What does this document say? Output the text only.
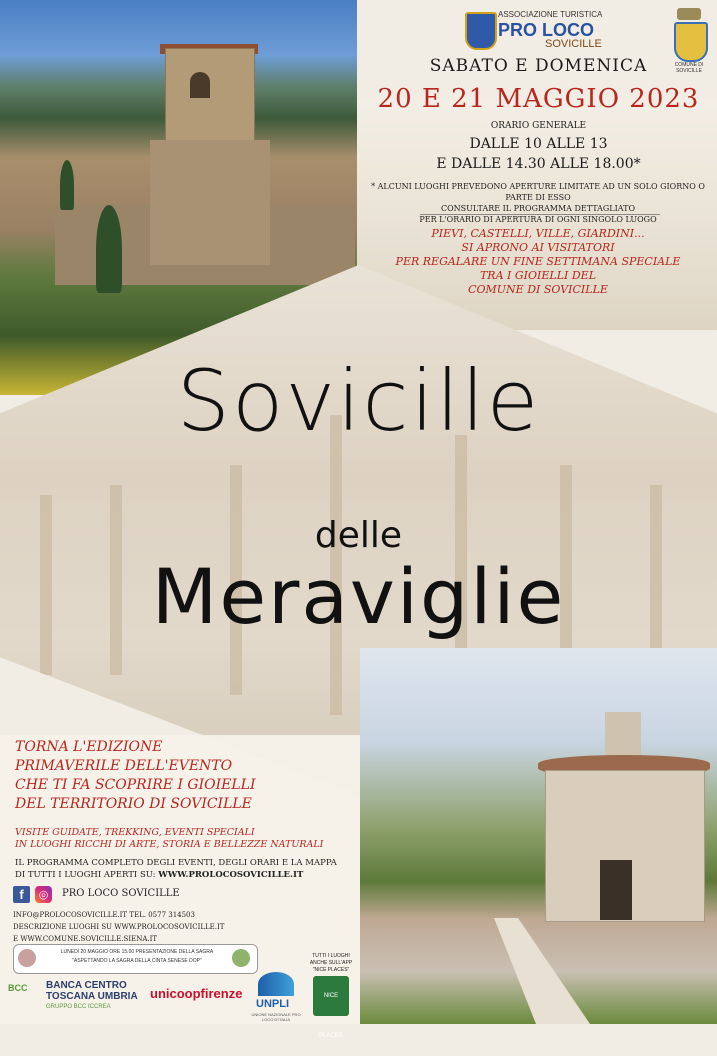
ASSOCIAZIONE TURISTICA
PRO LOCO
SOVICILLE
COMUNE DI SOVICILLE
SABATO E DOMENICA
20 E 21 MAGGIO 2023
ORARIO GENERALE
DALLE 10 ALLE 13
E DALLE 14.30 ALLE 18.00*
* ALCUNI LUOGHI PREVEDONO APERTURE LIMITATE AD UN SOLO GIORNO O PARTE DI ESSO
CONSULTARE IL PROGRAMMA DETTAGLIATO
PER L'ORARIO DI APERTURA DI OGNI SINGOLO LUOGO
PIEVI, CASTELLI, VILLE, GIARDINI...
SI APRONO AI VISITATORI
PER REGALARE UN FINE SETTIMANA SPECIALE
TRA I GIOIELLI DEL
COMUNE DI SOVICILLE
Sovicille
delle
Meraviglie
TORNA L'EDIZIONE
PRIMAVERILE DELL'EVENTO
CHE TI FA SCOPRIRE I GIOIELLI
DEL TERRITORIO DI SOVICILLE
VISITE GUIDATE, TREKKING, EVENTI SPECIALI
IN LUOGHI RICCHI DI ARTE, STORIA E BELLEZZE NATURALI
IL PROGRAMMA COMPLETO DEGLI EVENTI, DEGLI ORARI E LA MAPPA
DI TUTTI I LUOGHI APERTI SU: WWW.PROLOCOSOVICILLE.IT
f	◎	PRO LOCO SOVICILLE
INFO@PROLOCOSOVICILLE.IT TEL. 0577 314503
DESCRIZIONE LUOGHI SU WWW.PROLOCOSOVICILLE.IT
E WWW.COMUNE.SOVICILLE.SIENA.IT
LUNEDÌ 20 MAGGIO ORE 15.00 PRESENTAZIONE DELLA SAGRA
"ASPETTANDO LA SAGRA DELLA CINTA SENESE DOP"
BCC BANCA CENTRO
TOSCANA UMBRIA
GRUPPO BCC ICCREA
unicoopfirenze
UNPLI
UNIONE NAZIONALE PRO LOCO D'ITALIA
TUTTI I LUOGHI
ANCHE SULL'APP
"NICE PLACES"
NICE PLACES
